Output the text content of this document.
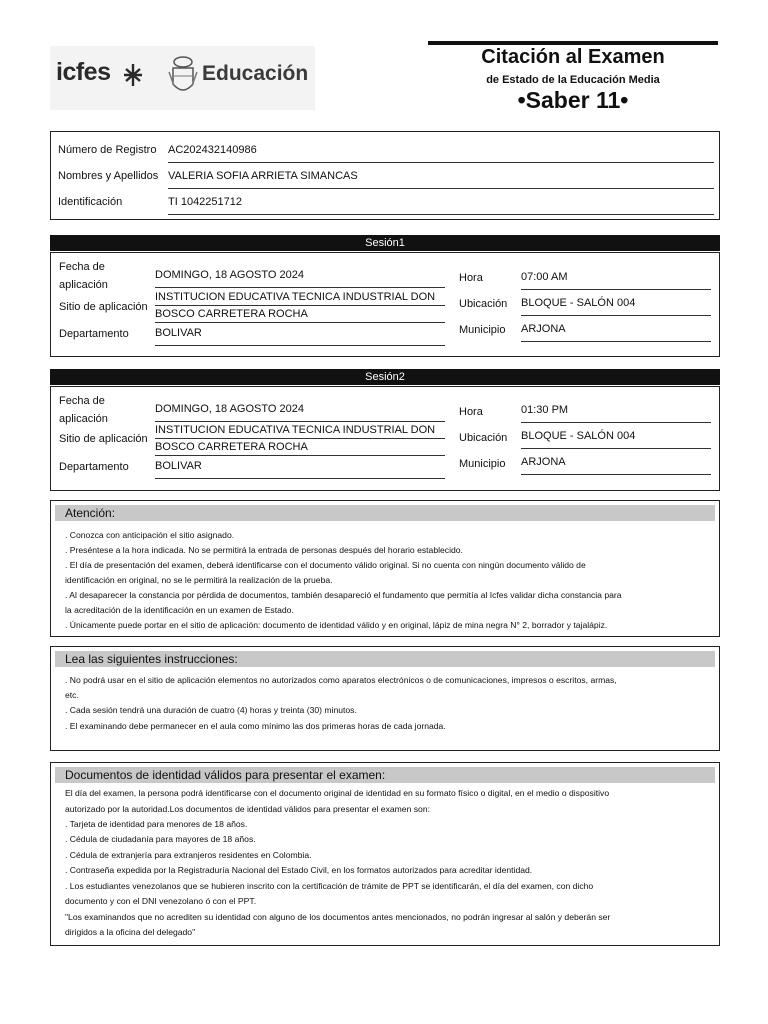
icfes	Educación
Citación al Examen
de Estado de la Educación Media
•Saber 11•
Número de Registro AC202432140986
Nombres y Apellidos VALERIA SOFIA ARRIETA SIMANCAS
Identificación	TI 1042251712
Sesión1
Fecha de
aplicación
DOMINGO, 18 AGOSTO 2024
Sitio de aplicación
INSTITUCION EDUCATIVA TECNICA INDUSTRIAL DON
BOSCO CARRETERA ROCHA
Departamento BOLIVAR
Hora	07:00 AM
Ubicación BLOQUE - SALÓN 004
Municipio ARJONA
Sesión2
Fecha de
aplicación
DOMINGO, 18 AGOSTO 2024
Sitio de aplicación
INSTITUCION EDUCATIVA TECNICA INDUSTRIAL DON
BOSCO CARRETERA ROCHA
Departamento BOLIVAR
Hora	01:30 PM
Ubicación BLOQUE - SALÓN 004
Municipio ARJONA
Atención:
. Conozca con anticipación el sitio asignado.
. Preséntese a la hora indicada. No se permitirá la entrada de personas después del horario establecido.
. El día de presentación del examen, deberá identificarse con el documento válido original. Si no cuenta con ningún documento válido de
identificación en original, no se le permitirá la realización de la prueba.
. Al desaparecer la constancia por pérdida de documentos, también desapareció el fundamento que permitía al Icfes validar dicha constancia para
la acreditación de la identificación en un examen de Estado.
. Únicamente puede portar en el sitio de aplicación: documento de identidad válido y en original, lápiz de mina negra N° 2, borrador y tajalápiz.
Lea las siguientes instrucciones:
. No podrá usar en el sitio de aplicación elementos no autorizados como aparatos electrónicos o de comunicaciones, impresos o escritos, armas,
etc.
. Cada sesión tendrá una duración de cuatro (4) horas y treinta (30) minutos.
. El examinando debe permanecer en el aula como mínimo las dos primeras horas de cada jornada.
Documentos de identidad válidos para presentar el examen:
El día del examen, la persona podrá identificarse con el documento original de identidad en su formato físico o digital, en el medio o dispositivo
autorizado por la autoridad.Los documentos de identidad válidos para presentar el examen son:
. Tarjeta de identidad para menores de 18 años.
. Cédula de ciudadanía para mayores de 18 años.
. Cédula de extranjería para extranjeros residentes en Colombia.
. Contraseña expedida por la Registraduría Nacional del Estado Civil, en los formatos autorizados para acreditar identidad.
. Los estudiantes venezolanos que se hubieren inscrito con la certificación de trámite de PPT se identificarán, el día del examen, con dicho
documento y con el DNI venezolano ó con el PPT.
"Los examinandos que no acrediten su identidad con alguno de los documentos antes mencionados, no podrán ingresar al salón y deberán ser
dirigidos a la oficina del delegado"
